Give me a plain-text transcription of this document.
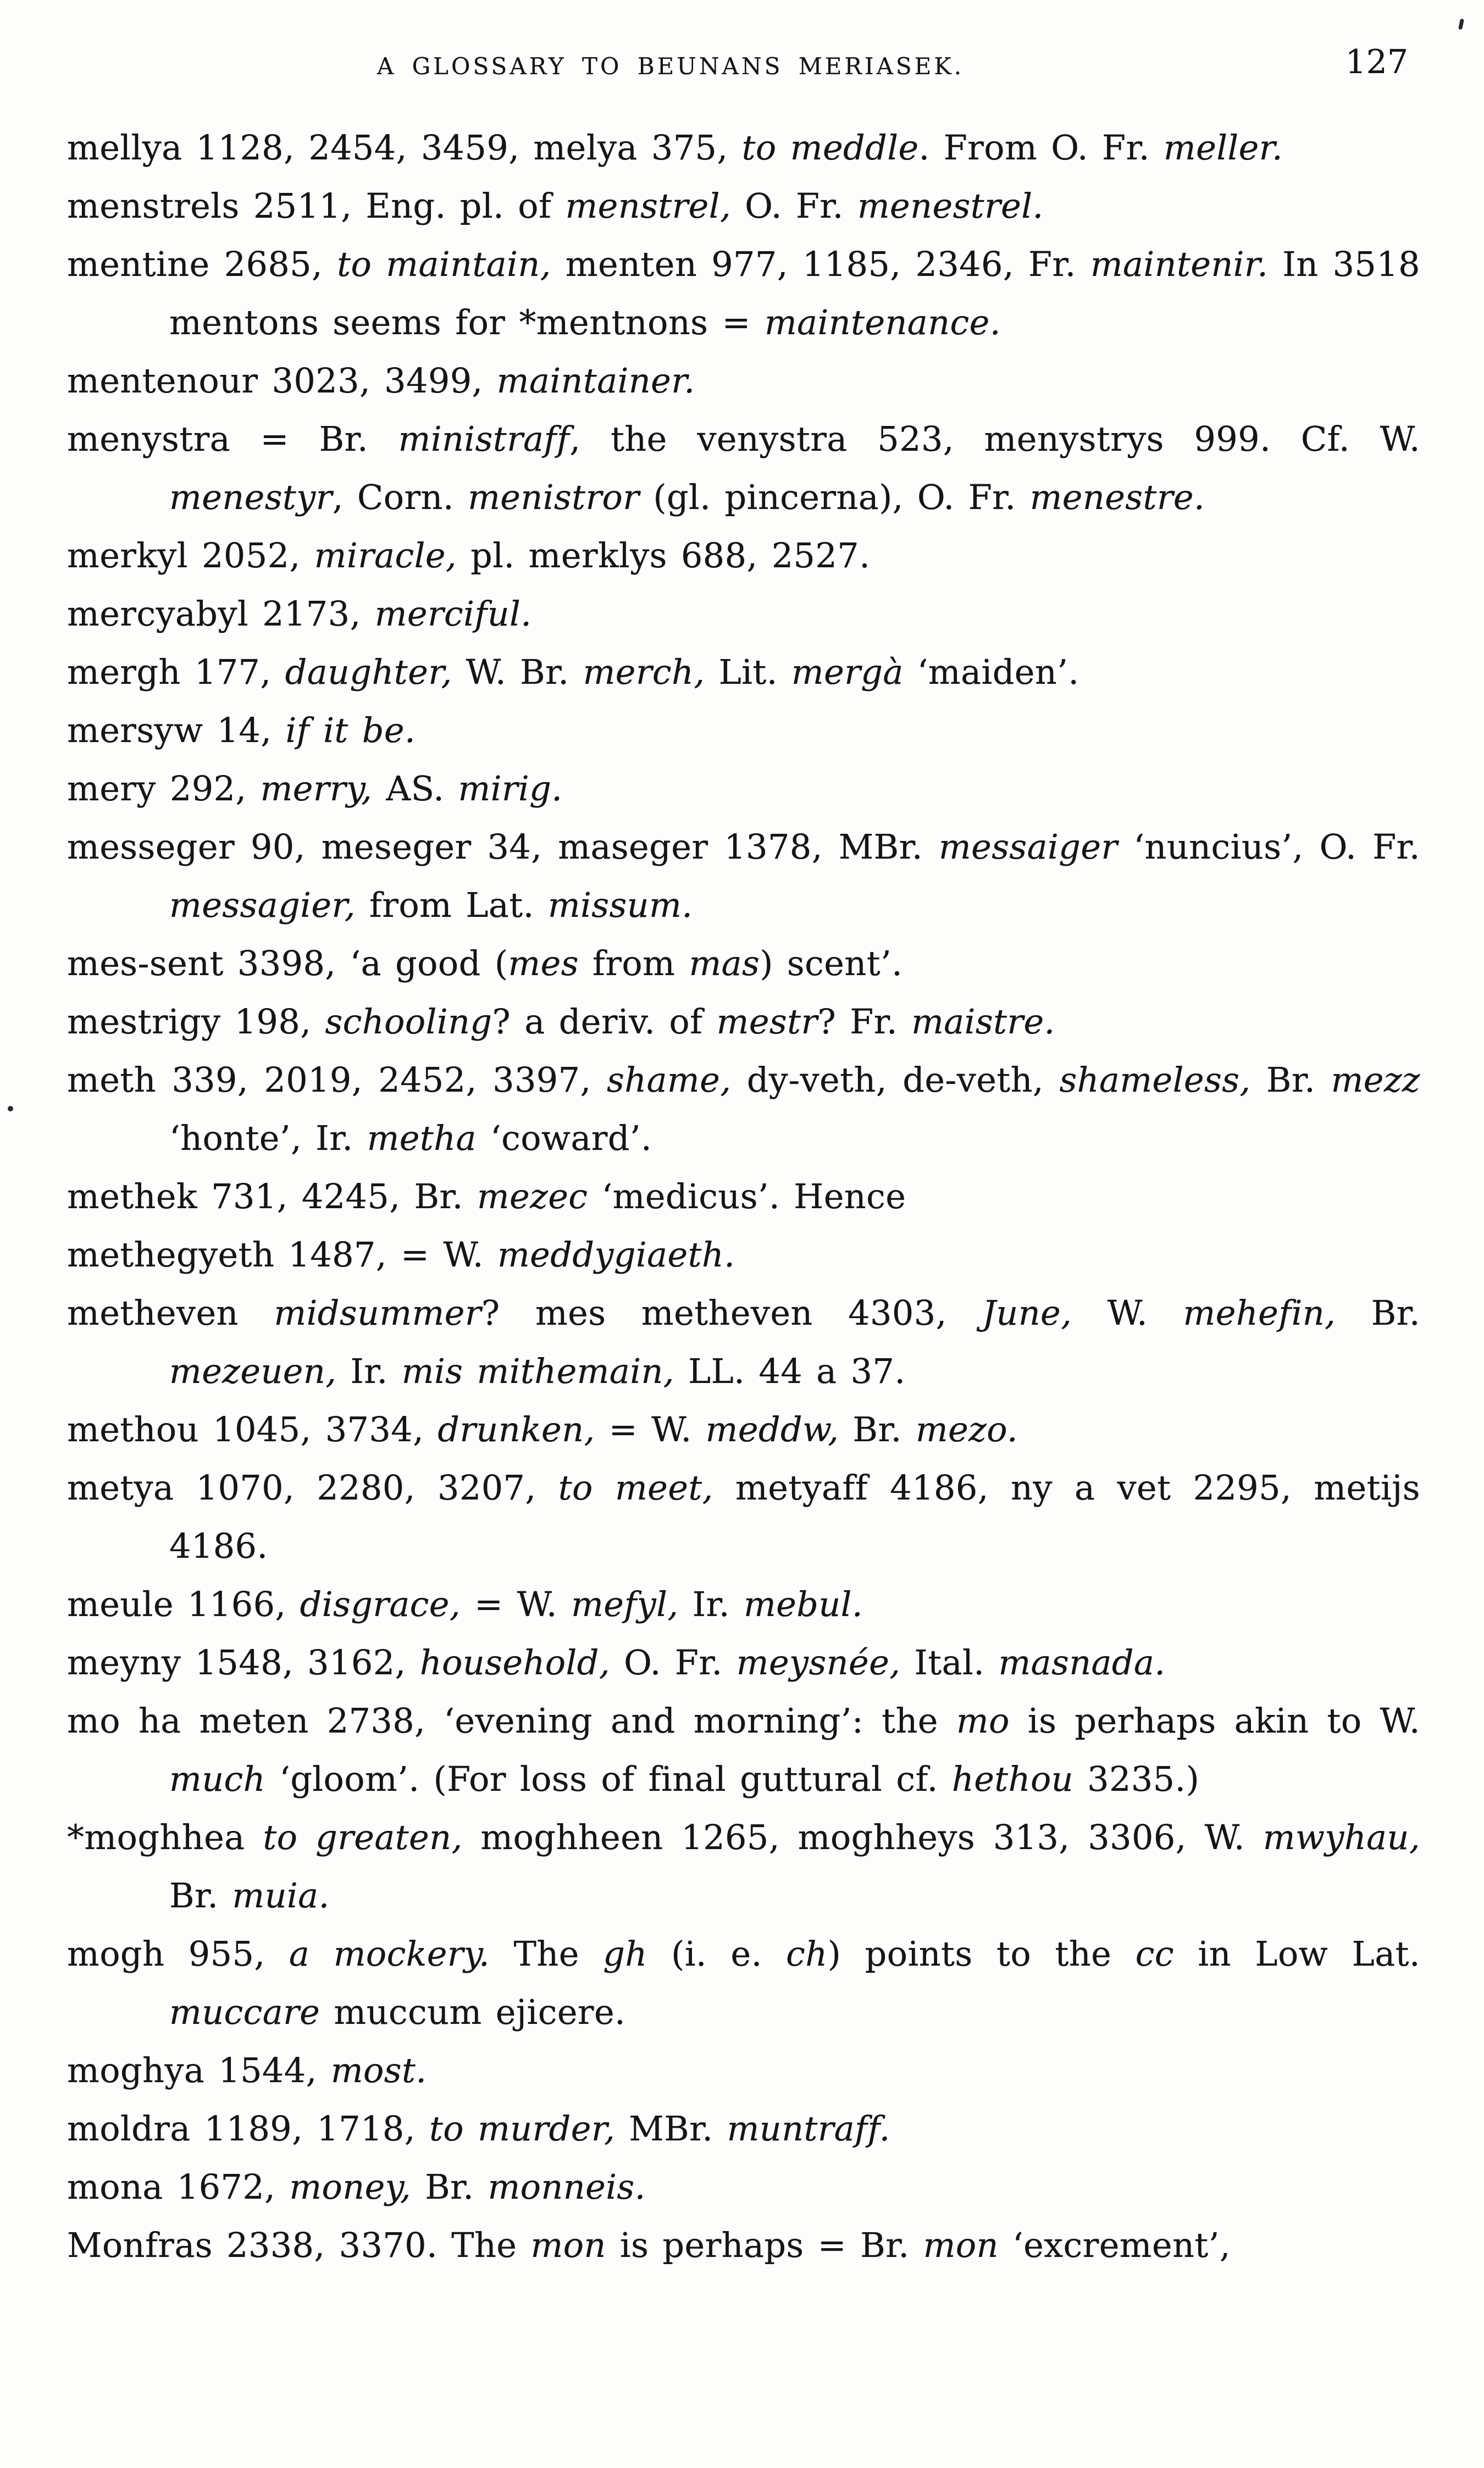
A GLOSSARY TO BEUNANS MERIASEK.	127

mellya 1128, 2454, 3459, melya 375, to meddle. From O. Fr. meller.

menstrels 2511, Eng. pl. of menstrel, O. Fr. menestrel.

mentine 2685, to maintain, menten 977, 1185, 2346, Fr. maintenir. In 3518 mentons seems for *mentnons = maintenance.

mentenour 3023, 3499, maintainer.

menystra = Br. ministraff, the venystra 523, menystrys 999. Cf. W. menestyr, Corn. menistror (gl. pincerna), O. Fr. menestre.

merkyl 2052, miracle, pl. merklys 688, 2527.

mercyabyl 2173, merciful.

mergh 177, daughter, W. Br. merch, Lit. mergà ‘maiden’.

mersyw 14, if it be.

mery 292, merry, AS. mirig.

messeger 90, meseger 34, maseger 1378, MBr. messaiger ‘nuncius’, O. Fr. messagier, from Lat. missum.

mes-sent 3398, ‘a good (mes from mas) scent’.

mestrigy 198, schooling? a deriv. of mestr? Fr. maistre.

meth 339, 2019, 2452, 3397, shame, dy-veth, de-veth, shameless, Br. mezz ‘honte’, Ir. metha ‘coward’.

methek 731, 4245, Br. mezec ‘medicus’. Hence

methegyeth 1487, = W. meddygiaeth.

metheven midsummer? mes metheven 4303, June, W. mehefin, Br. mezeuen, Ir. mis mithemain, LL. 44 a 37.

methou 1045, 3734, drunken, = W. meddw, Br. mezo.

metya 1070, 2280, 3207, to meet, metyaff 4186, ny a vet 2295, metijs 4186.

meule 1166, disgrace, = W. mefyl, Ir. mebul.

meyny 1548, 3162, household, O. Fr. meysnée, Ital. masnada.

mo ha meten 2738, ‘evening and morning’: the mo is perhaps akin to W. much ‘gloom’. (For loss of final guttural cf. hethou 3235.)

*moghhea to greaten, moghheen 1265, moghheys 313, 3306, W. mwyhau, Br. muia.

mogh 955, a mockery. The gh (i. e. ch) points to the cc in Low Lat. muccare muccum ejicere.

moghya 1544, most.

moldra 1189, 1718, to murder, MBr. muntraff.

mona 1672, money, Br. monneis.

Monfras 2338, 3370. The mon is perhaps = Br. mon ‘excrement’,
